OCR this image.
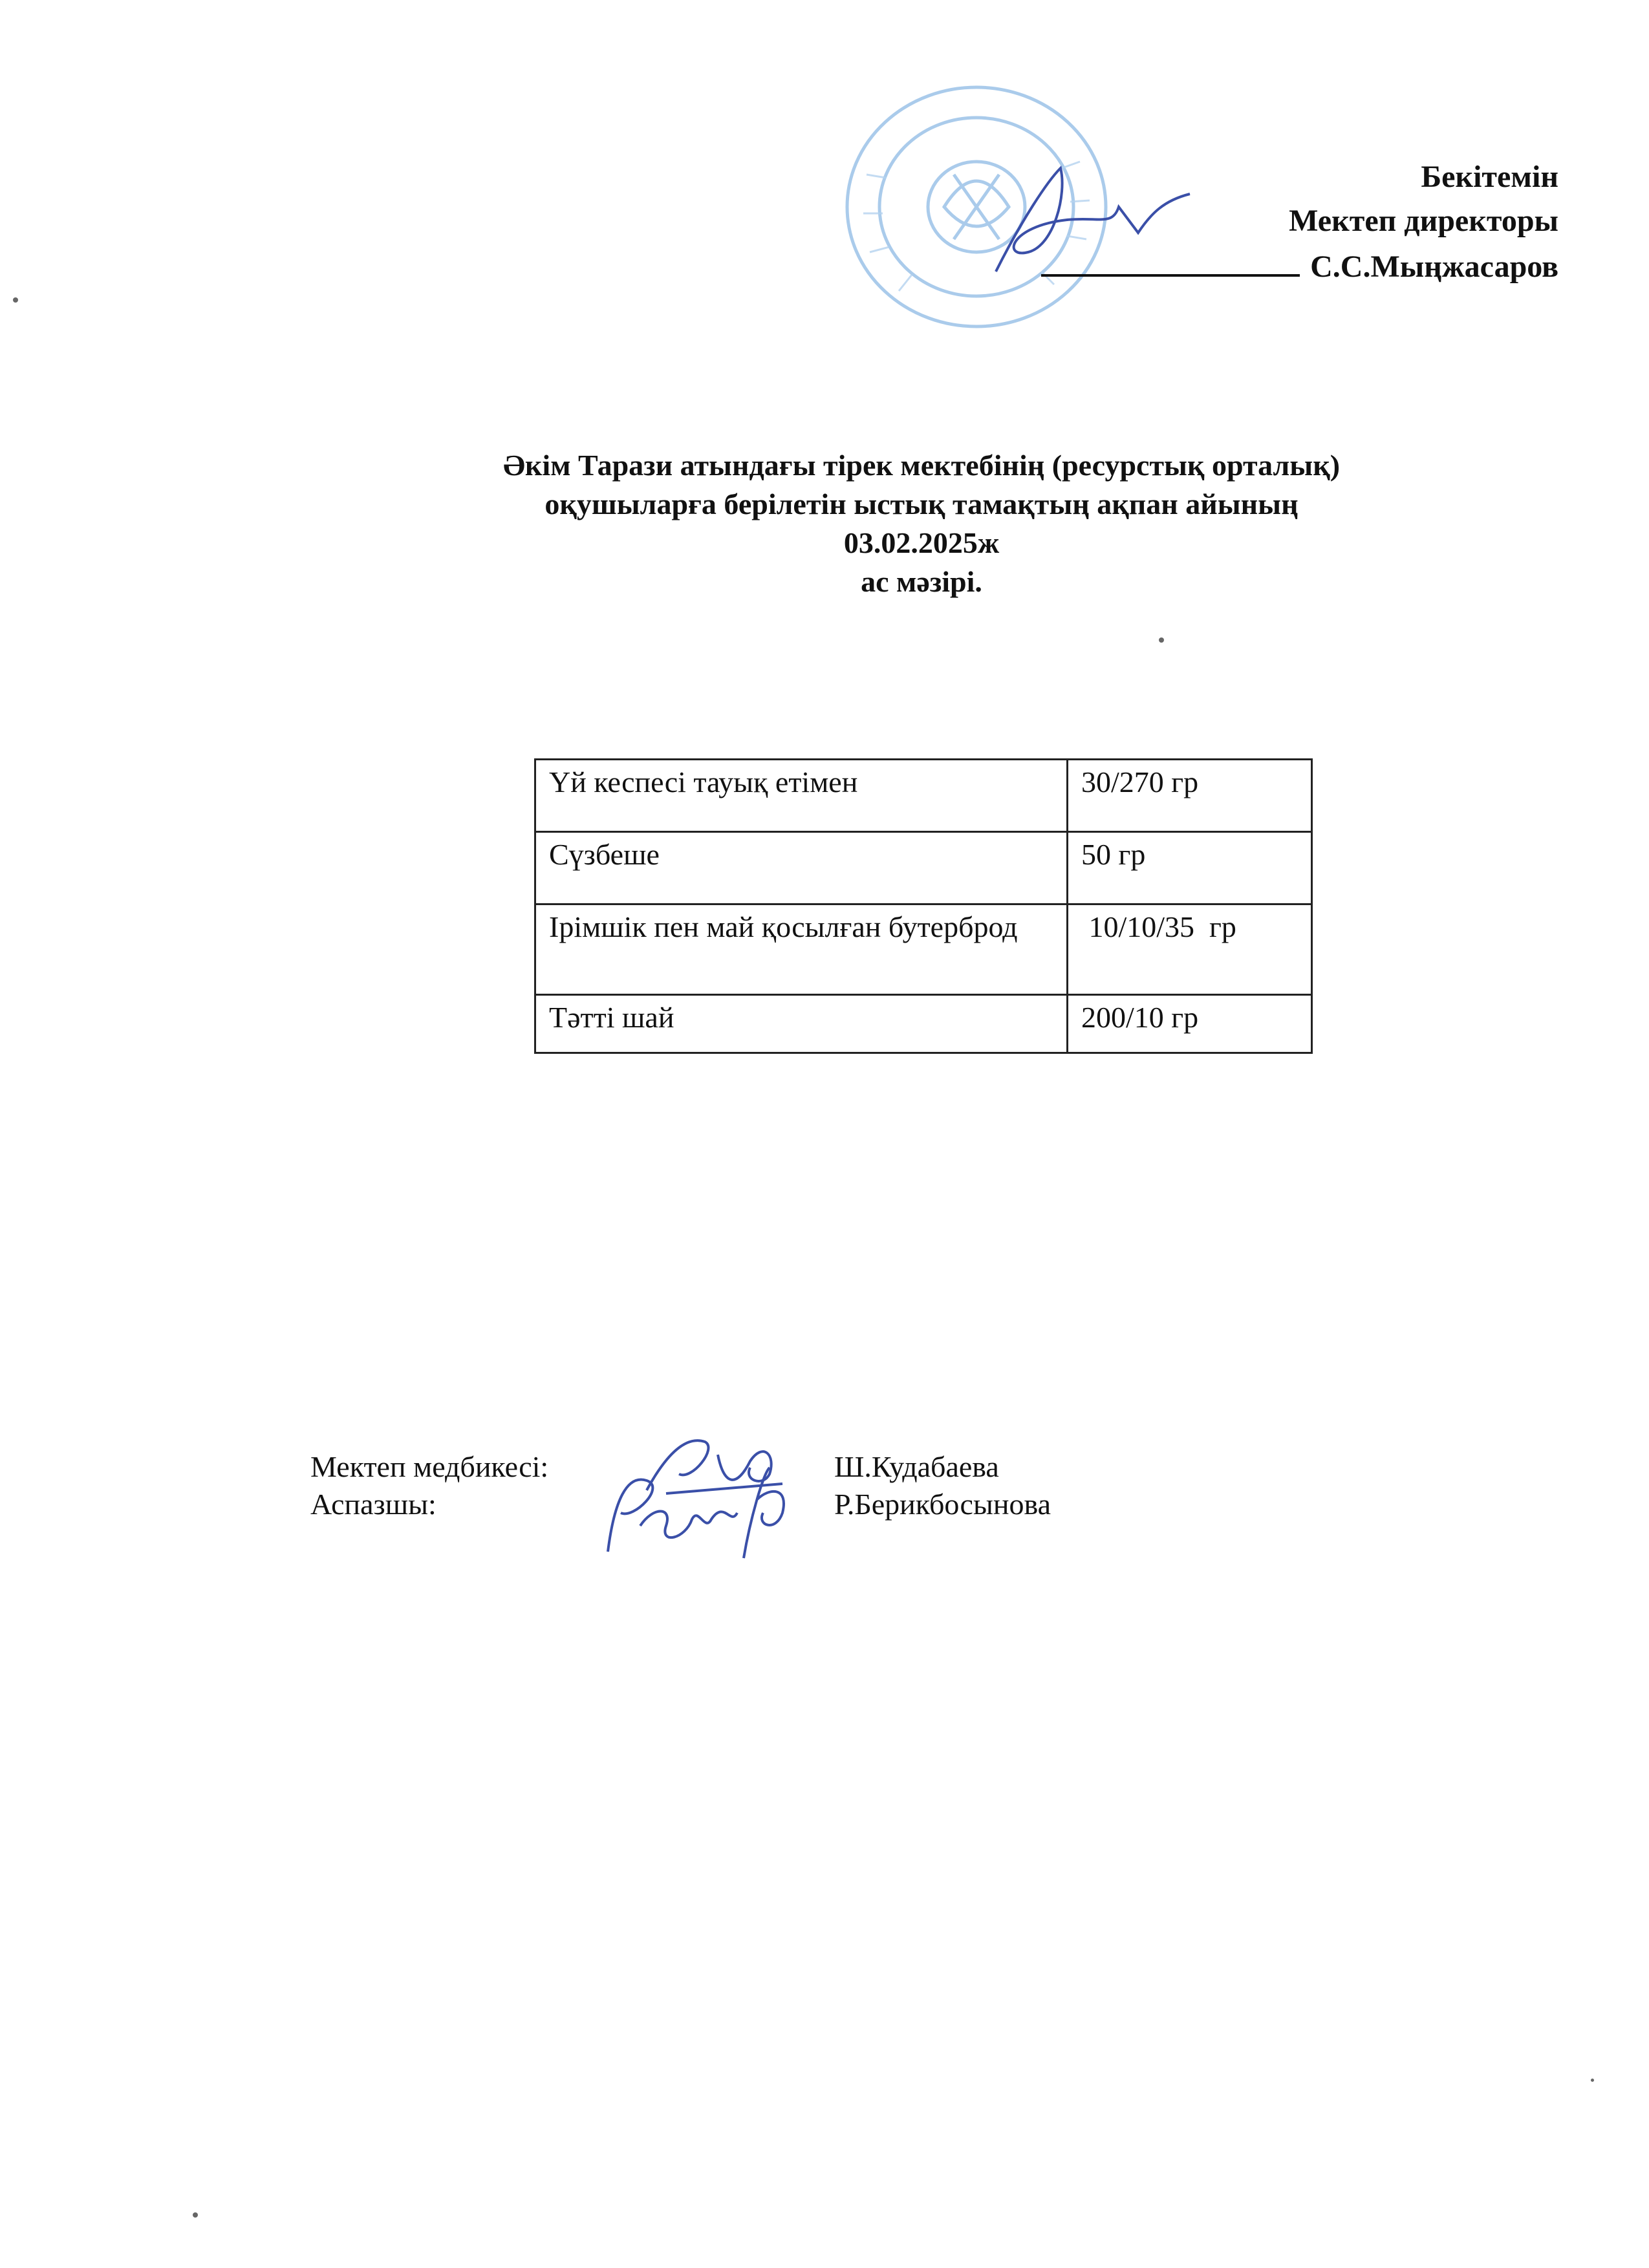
Бекітемін
Мектеп директоры
С.С.Мыңжасаров
Әкім Тарази атындағы тірек мектебінің (ресурстық орталық)
оқушыларға берілетін ыстық тамақтың ақпан айының
03.02.2025ж
ас мәзірі.
Үй кеспесі тауық етімен	30/270 гр
Сүзбеше	50 гр
Ірімшік пен май қосылған бутерброд	10/10/35  гр
Тәтті шай	200/10 гр
Мектеп медбикесі:	Ш.Кудабаева
Аспазшы:	Р.Берикбосынова
